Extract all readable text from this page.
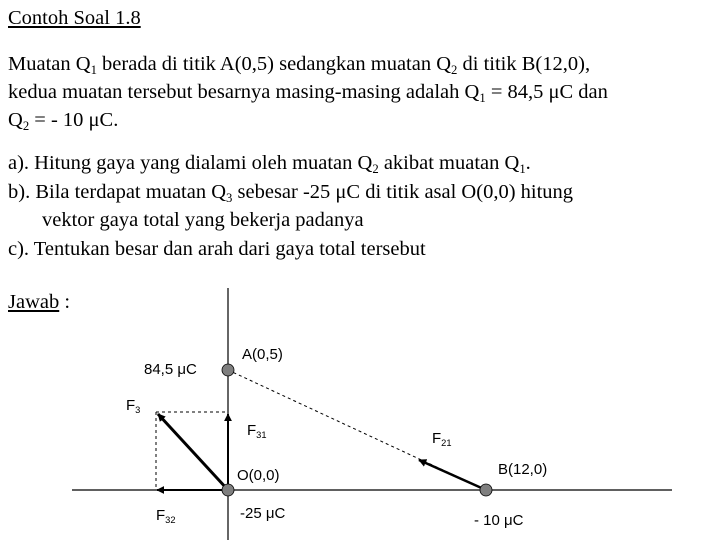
Contoh Soal 1.8
Muatan $Q_1$ berada di titik A(0,5) sedangkan muatan $Q_2$ di titik B(12,0),
kedua muatan tersebut besarnya masing-masing adalah $Q_1 = 84,5$ μC dan
$Q_2$ = - 10 μC.
a). Hitung gaya yang dialami oleh muatan $Q_2$ akibat muatan $Q_1$.
b). Bila terdapat muatan $Q_3$ sebesar -25 μC di titik asal O(0,0) hitung
vektor gaya total yang bekerja padanya
c). Tentukan besar dan arah dari gaya total tersebut
Jawab :
84,5 μC
A(0,5)
$F_3$
$F_{31}$	$F_{21}$
O(0,0)	B(12,0)
$F_{32}$	-25 μC	- 10 μC
